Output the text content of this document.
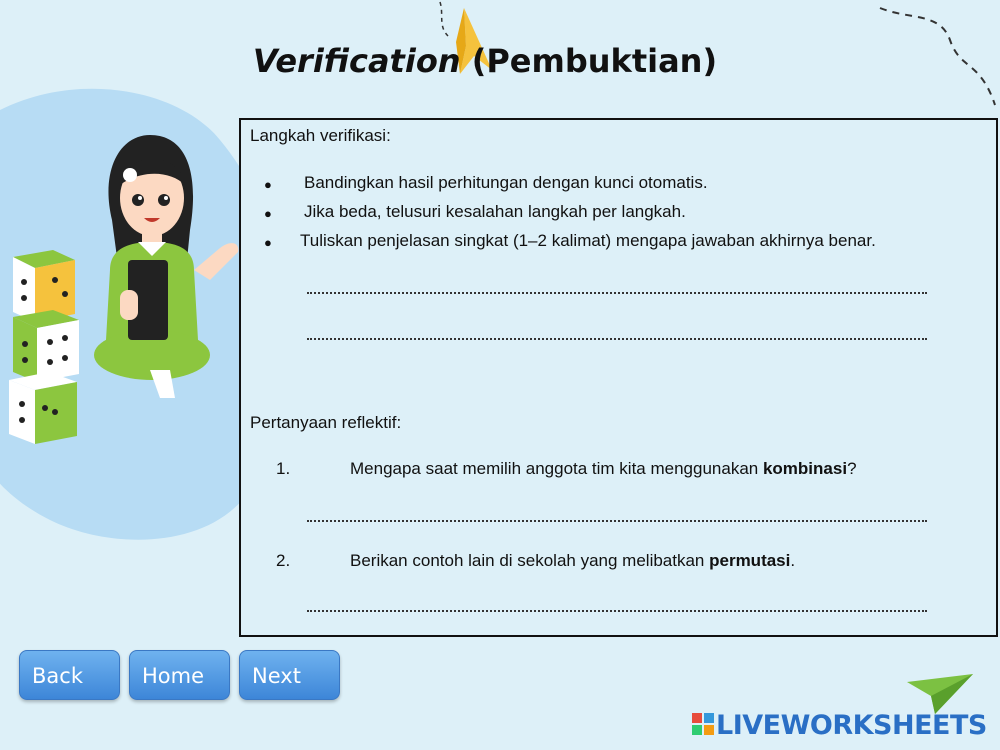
Verification (Pembuktian)
Langkah verifikasi:
● Bandingkan hasil perhitungan dengan kunci otomatis.
● Jika beda, telusuri kesalahan langkah per langkah.
● Tuliskan penjelasan singkat (1–2 kalimat) mengapa jawaban akhirnya benar.
Pertanyaan reflektif:
1.	Mengapa saat memilih anggota tim kita menggunakan kombinasi?
2.	Berikan contoh lain di sekolah yang melibatkan permutasi.
Back	Home	Next
LIVEWORKSHEETS
